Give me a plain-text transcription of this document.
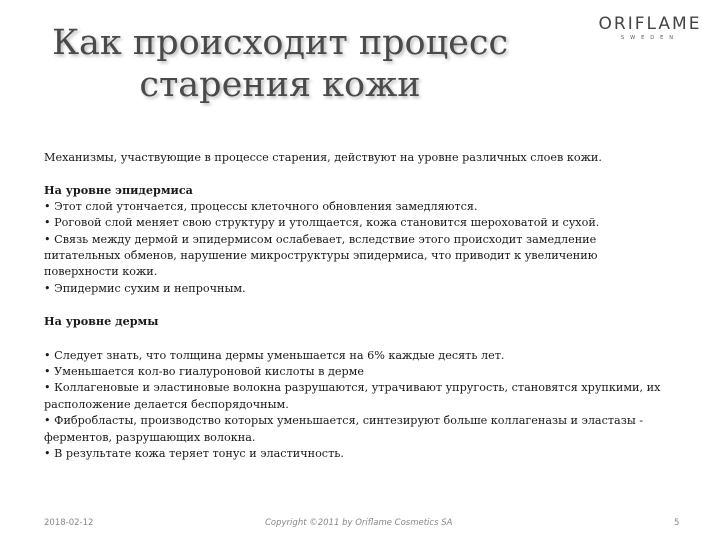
Как происходит процесс
старения кожи
ORIFLAME
SWEDEN

Механизмы, участвующие в процессе старения, действуют на уровне различных слоев кожи.

На уровне эпидермиса

• Этот слой утончается, процессы клеточного обновления замедляются.

• Роговой слой меняет свою структуру и утолщается, кожа становится шероховатой и сухой.

• Связь между дермой и эпидермисом ослабевает, вследствие этого происходит замедление питательных обменов, нарушение микроструктуры эпидермиса, что приводит к увеличению поверхности кожи.

• Эпидермис сухим и непрочным.

На уровне дермы

• Следует знать, что толщина дермы уменьшается на 6% каждые десять лет.

• Уменьшается кол-во гиалуроновой кислоты в дерме

• Коллагеновые и эластиновые волокна разрушаются, утрачивают упругость, становятся хрупкими, их расположение делается беспорядочным.

• Фибробласты, производство которых уменьшается, синтезируют больше коллагеназы и эластазы - ферментов, разрушающих волокна.

• В результате кожа теряет тонус и эластичность.

2018-02-12	Copyright ©2011 by Oriflame Cosmetics SA	5
